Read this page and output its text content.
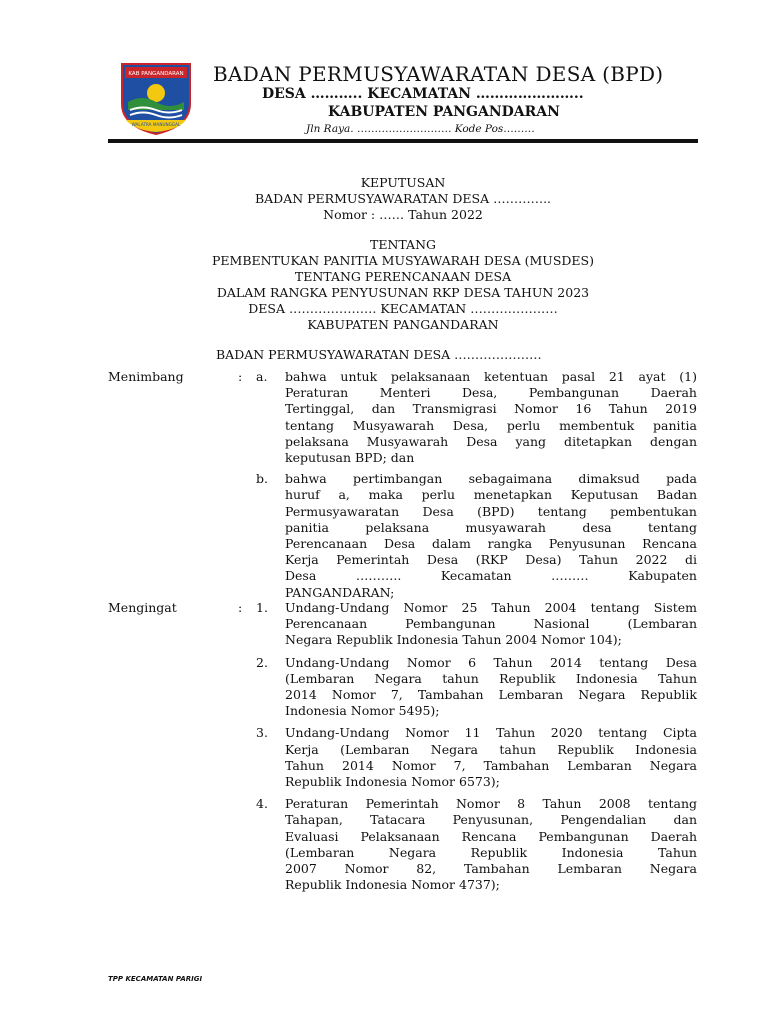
KAB PANGANDARAN
WALATRA MANUNGGAL
BADAN PERMUSYAWARATAN DESA (BPD)
DESA ……….. KECAMATAN …………………..
KABUPATEN PANGANDARAN
Jln Raya. ……………………… Kode Pos………
KEPUTUSAN
BADAN PERMUSYAWARATAN DESA …………..
Nomor : …… Tahun 2022
TENTANG
PEMBENTUKAN PANITIA MUSYAWARAH DESA (MUSDES)
TENTANG PERENCANAAN DESA
DALAM RANGKA PENYUSUNAN RKP DESA TAHUN 2023
DESA ………………… KECAMATAN …………………
KABUPATEN PANGANDARAN
BADAN PERMUSYAWARATAN DESA …………………
Menimbang	: a. bahwa untuk pelaksanaan ketentuan pasal 21 ayat (1)
Peraturan Menteri Desa, Pembangunan Daerah
Tertinggal, dan Transmigrasi Nomor 16 Tahun 2019
tentang Musyawarah Desa, perlu membentuk panitia
pelaksana Musyawarah Desa yang ditetapkan dengan
keputusan BPD; dan
b. bahwa pertimbangan sebagaimana dimaksud pada
huruf a, maka perlu menetapkan Keputusan Badan
Permusyawaratan Desa (BPD) tentang pembentukan
panitia pelaksana musyawarah desa tentang
Perencanaan Desa dalam rangka Penyusunan Rencana
Kerja Pemerintah Desa (RKP Desa) Tahun 2022 di
Desa ……….. Kecamatan ……… Kabupaten
PANGANDARAN;
Mengingat	: 1. Undang-Undang Nomor 25 Tahun 2004 tentang Sistem
Perencanaan Pembangunan Nasional (Lembaran
Negara Republik Indonesia Tahun 2004 Nomor 104);
2. Undang-Undang Nomor 6 Tahun 2014 tentang Desa
(Lembaran Negara tahun Republik Indonesia Tahun
2014 Nomor 7, Tambahan Lembaran Negara Republik
Indonesia Nomor 5495);
3. Undang-Undang Nomor 11 Tahun 2020 tentang Cipta
Kerja (Lembaran Negara tahun Republik Indonesia
Tahun 2014 Nomor 7, Tambahan Lembaran Negara
Republik Indonesia Nomor 6573);
4. Peraturan Pemerintah Nomor 8 Tahun 2008 tentang
Tahapan, Tatacara Penyusunan, Pengendalian dan
Evaluasi Pelaksanaan Rencana Pembangunan Daerah
(Lembaran Negara Republik Indonesia Tahun
2007 Nomor 82, Tambahan Lembaran Negara
Republik Indonesia Nomor 4737);
TPP KECAMATAN PARIGI
